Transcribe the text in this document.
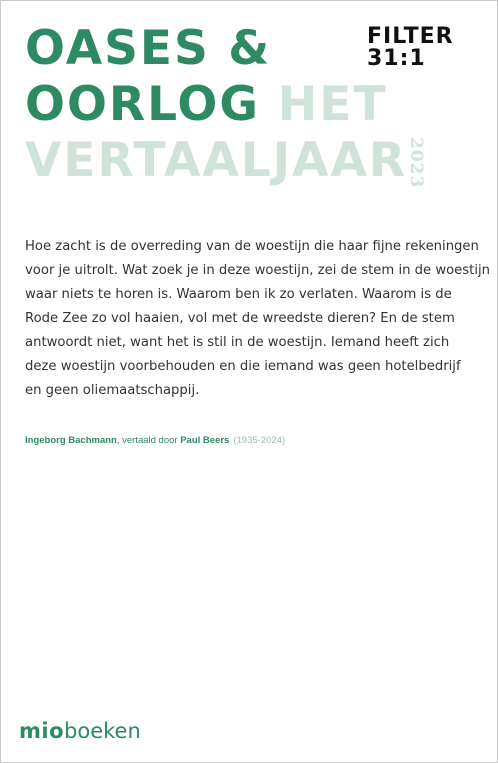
OASES &
OORLOG HET
VERTAALJAAR
2023
FILTER
31:1
Hoe zacht is de overreding van de woestijn die haar fijne rekeningen
voor je uitrolt. Wat zoek je in deze woestijn, zei de stem in de woestijn
waar niets te horen is. Waarom ben ik zo verlaten. Waarom is de
Rode Zee zo vol haaien, vol met de wreedste dieren? En de stem
antwoordt niet, want het is stil in de woestijn. Iemand heeft zich
deze woestijn voorbehouden en die iemand was geen hotelbedrijf
en geen oliemaatschappij.
Ingeborg Bachmann, vertaald door Paul Beers (1935-2024)
mioboeken
